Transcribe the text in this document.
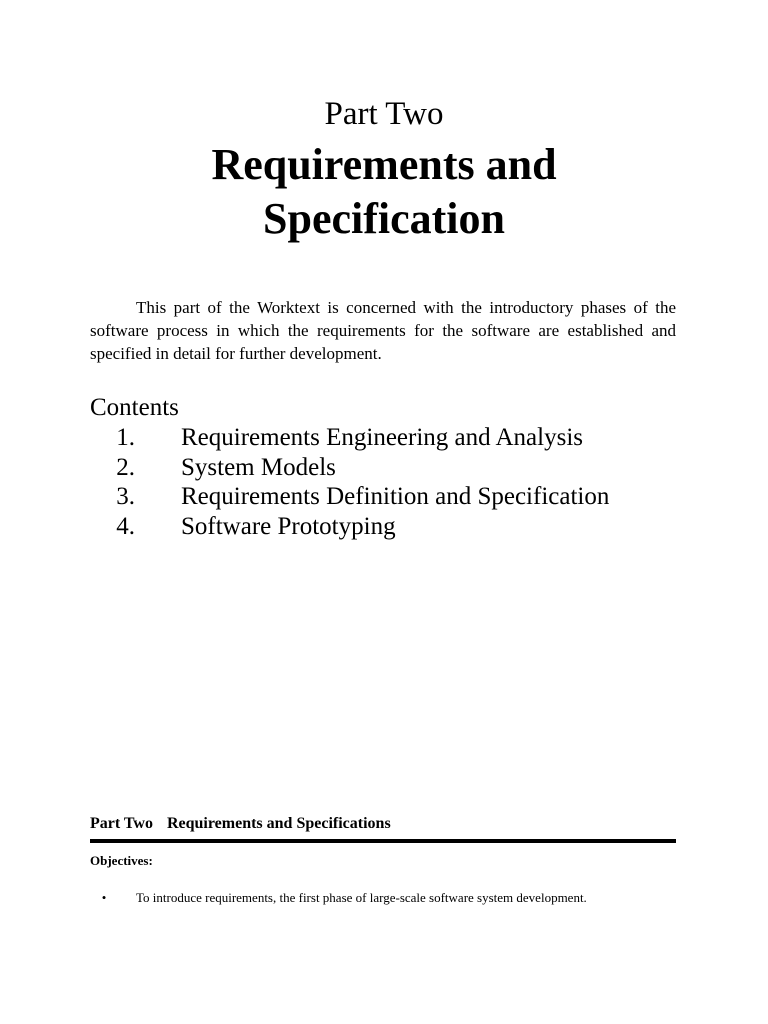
Part Two
Requirements and
Specification

This part of the Worktext is concerned with the introductory phases of the software process in which the requirements for the software are established and specified in detail for further development.

Contents
1. Requirements Engineering and Analysis
2. System Models
3. Requirements Definition and Specification
4. Software Prototyping
Part Two Requirements and Specifications
Objectives:
•	To introduce requirements, the first phase of large-scale software system development.
